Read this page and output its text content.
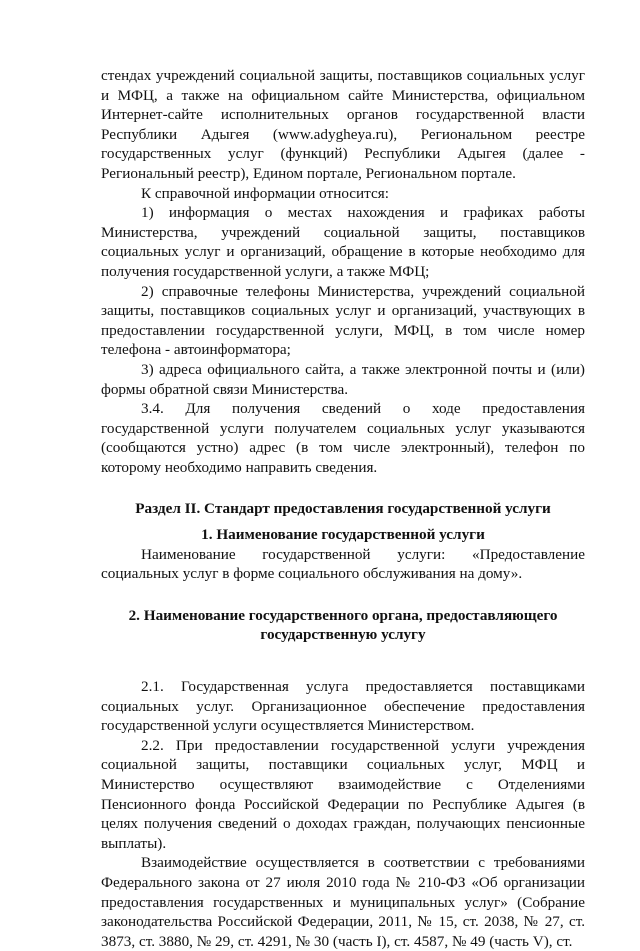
стендах учреждений социальной защиты, поставщиков социальных услуг и МФЦ, а также на официальном сайте Министерства, официальном Интернет-сайте исполнительных органов государственной власти Республики Адыгея (www.adygheya.ru), Региональном реестре государственных услуг (функций) Республики Адыгея (далее - Региональный реестр), Едином портале, Региональном портале.

К справочной информации относится:

1) информация о местах нахождения и графиках работы Министерства, учреждений социальной защиты, поставщиков социальных услуг и организаций, обращение в которые необходимо для получения государственной услуги, а также МФЦ;

2) справочные телефоны Министерства, учреждений социальной защиты, поставщиков социальных услуг и организаций, участвующих в предоставлении государственной услуги, МФЦ, в том числе номер телефона - автоинформатора;

3) адреса официального сайта, а также электронной почты и (или) формы обратной связи Министерства.

3.4. Для получения сведений о ходе предоставления государственной услуги получателем социальных услуг указываются (сообщаются устно) адрес (в том числе электронный), телефон по которому необходимо направить сведения.

Раздел II. Стандарт предоставления государственной услуги

1. Наименование государственной услуги

Наименование государственной услуги: «Предоставление социальных услуг в форме социального обслуживания на дому».

2. Наименование государственного органа, предоставляющего государственную услугу

2.1. Государственная услуга предоставляется поставщиками социальных услуг. Организационное обеспечение предоставления государственной услуги осуществляется Министерством.

2.2. При предоставлении государственной услуги учреждения социальной защиты, поставщики социальных услуг, МФЦ и Министерство осуществляют взаимодействие с Отделениями Пенсионного фонда Российской Федерации по Республике Адыгея (в целях получения сведений о доходах граждан, получающих пенсионные выплаты).

Взаимодействие осуществляется в соответствии с требованиями Федерального закона от 27 июля 2010 года № 210-ФЗ «Об организации предоставления государственных и муниципальных услуг» (Собрание законодательства Российской Федерации, 2011, № 15, ст. 2038, № 27, ст. 3873, ст. 3880, № 29, ст. 4291, № 30 (часть I), ст. 4587, № 49 (часть V), ст.
